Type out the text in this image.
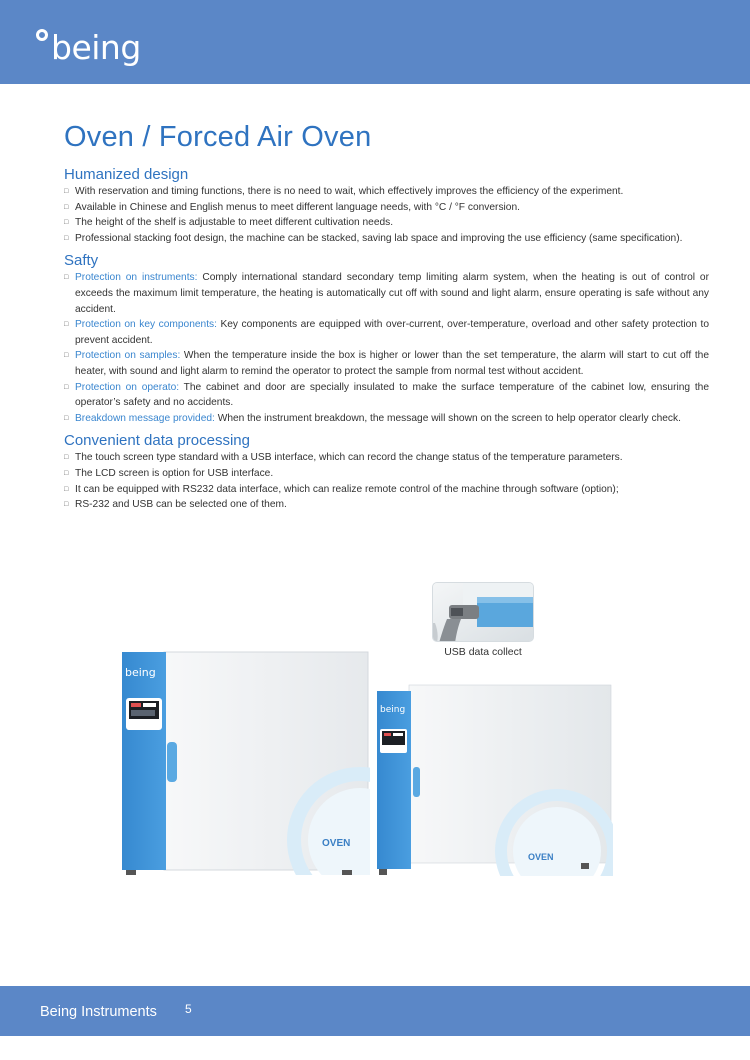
being
Oven / Forced Air Oven
Humanized design
□ With reservation and timing functions, there is no need to wait, which effectively improves the efficiency of the experiment.
□ Available in Chinese and English menus to meet different language needs, with °C / °F conversion.
□ The height of the shelf is adjustable to meet different cultivation needs.
□ Professional stacking foot design, the machine can be stacked, saving lab space and improving the use efficiency (same specification).
Safty
□ Protection on instruments: Comply international standard secondary temp limiting alarm system, when the heating is out of control or exceeds the maximum limit temperature, the heating is automatically cut off with sound and light alarm, ensure operating is safe without any accident.
□ Protection on key components: Key components are equipped with over-current, over-temperature, overload and other safety protection to prevent accident.
□ Protection on samples: When the temperature inside the box is higher or lower than the set temperature, the alarm will start to cut off the heater, with sound and light alarm to remind the operator to protect the sample from normal test without accident.
□ Protection on operato: The cabinet and door are specially insulated to make the surface temperature of the cabinet low, ensuring the operator’s safety and no accidents.
□ Breakdown message provided: When the instrument breakdown, the message will shown on the screen to help operator clearly check.
Convenient data processing
□ The touch screen type standard with a USB interface, which can record the change status of the temperature parameters.
□ The LCD screen is option for USB interface.
□ It can be equipped with RS232 data interface, which can realize remote control of the machine through software (option);
□ RS-232 and USB can be selected one of them.
USB data collect
being
OVEN
being
OVEN
Being Instruments 5
